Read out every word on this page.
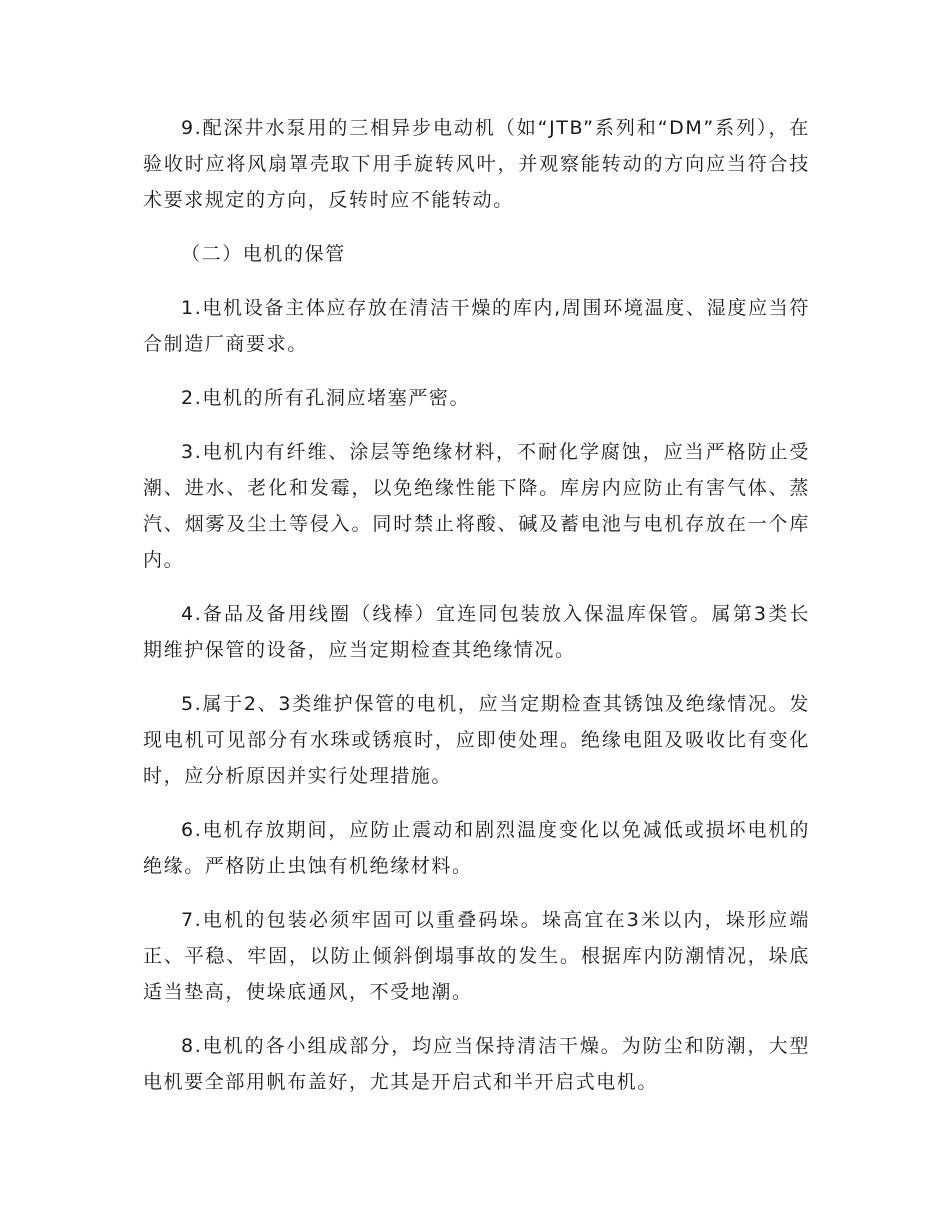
9.配深井水泵用的三相异步电动机（如“JTB”系列和“DM”系列），在验收时应将风扇罩壳取下用手旋转风叶，并观察能转动的方向应当符合技术要求规定的方向，反转时应不能转动。

（二）电机的保管

1.电机设备主体应存放在清洁干燥的库内,周围环境温度、湿度应当符合制造厂商要求。

2.电机的所有孔洞应堵塞严密。

3.电机内有纤维、涂层等绝缘材料，不耐化学腐蚀，应当严格防止受潮、进水、老化和发霉，以免绝缘性能下降。库房内应防止有害气体、蒸汽、烟雾及尘土等侵入。同时禁止将酸、碱及蓄电池与电机存放在一个库内。

4.备品及备用线圈（线棒）宜连同包装放入保温库保管。属第3类长期维护保管的设备，应当定期检查其绝缘情况。

5.属于2、3类维护保管的电机，应当定期检查其锈蚀及绝缘情况。发现电机可见部分有水珠或锈痕时，应即使处理。绝缘电阻及吸收比有变化时，应分析原因并实行处理措施。

6.电机存放期间，应防止震动和剧烈温度变化以免减低或损坏电机的绝缘。严格防止虫蚀有机绝缘材料。

7.电机的包装必须牢固可以重叠码垛。垛高宜在3米以内，垛形应端正、平稳、牢固，以防止倾斜倒塌事故的发生。根据库内防潮情况，垛底适当垫高，使垛底通风，不受地潮。

8.电机的各小组成部分，均应当保持清洁干燥。为防尘和防潮，大型电机要全部用帆布盖好，尤其是开启式和半开启式电机。
